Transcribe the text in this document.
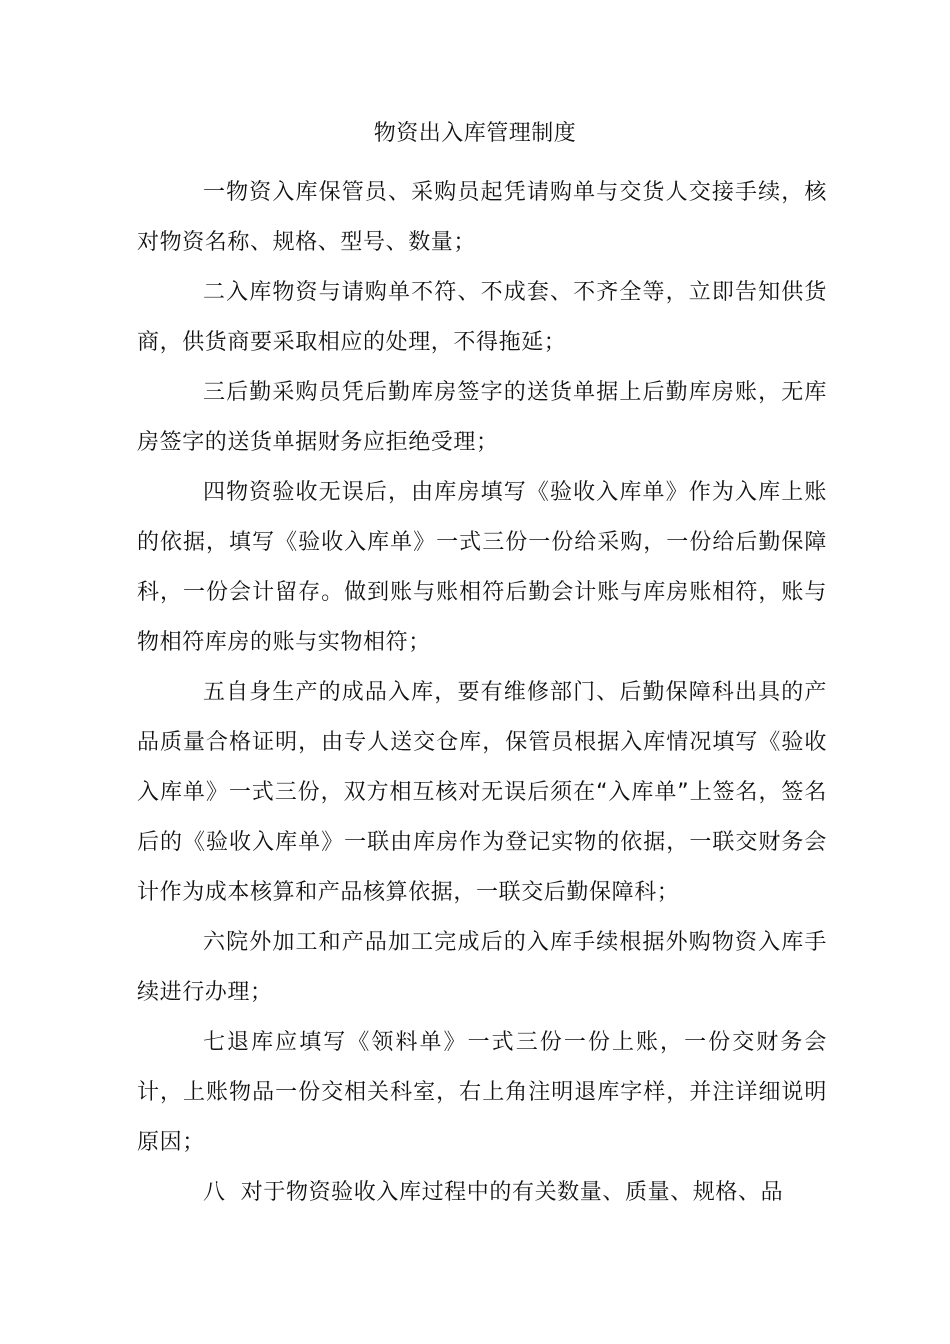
物资出入库管理制度

一物资入库保管员、采购员起凭请购单与交货人交接手续，核对物资名称、规格、型号、数量；

二入库物资与请购单不符、不成套、不齐全等，立即告知供货商，供货商要采取相应的处理，不得拖延；

三后勤采购员凭后勤库房签字的送货单据上后勤库房账，无库房签字的送货单据财务应拒绝受理；

四物资验收无误后，由库房填写《验收入库单》作为入库上账的依据，填写《验收入库单》一式三份一份给采购，一份给后勤保障科，一份会计留存。做到账与账相符后勤会计账与库房账相符，账与物相符库房的账与实物相符；

五自身生产的成品入库，要有维修部门、后勤保障科出具的产品质量合格证明，由专人送交仓库，保管员根据入库情况填写《验收入库单》一式三份，双方相互核对无误后须在“入库单”上签名，签名后的《验收入库单》一联由库房作为登记实物的依据，一联交财务会计作为成本核算和产品核算依据，一联交后勤保障科；

六院外加工和产品加工完成后的入库手续根据外购物资入库手续进行办理；

七退库应填写《领料单》一式三份一份上账，一份交财务会计，上账物品一份交相关科室，右上角注明退库字样，并注详细说明原因；

八  对于物资验收入库过程中的有关数量、质量、规格、品
